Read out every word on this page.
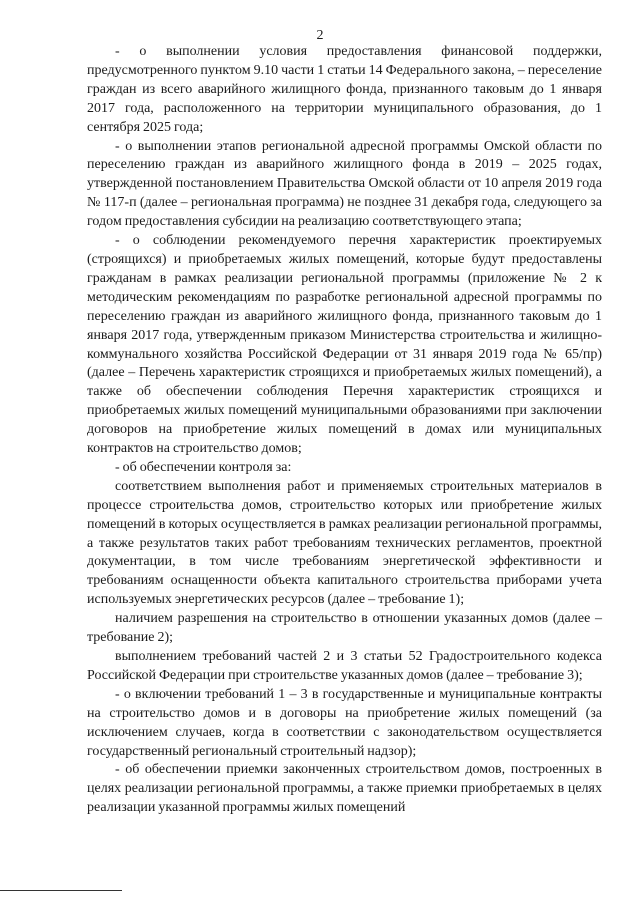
2

- о выполнении условия предоставления финансовой поддержки, предусмотренного пунктом 9.10 части 1 статьи 14 Федерального закона, – переселение граждан из всего аварийного жилищного фонда, признанного таковым до 1 января 2017 года, расположенного на территории муниципального образования, до 1 сентября 2025 года;

- о выполнении этапов региональной адресной программы Омской области по переселению граждан из аварийного жилищного фонда в 2019 – 2025 годах, утвержденной постановлением Правительства Омской области от 10 апреля 2019 года № 117-п (далее – региональная программа) не позднее 31 декабря года, следующего за годом предоставления субсидии на реализацию соответствующего этапа;

- о соблюдении рекомендуемого перечня характеристик проектируемых (строящихся) и приобретаемых жилых помещений, которые будут предоставлены гражданам в рамках реализации региональной программы (приложение № 2 к методическим рекомендациям по разработке региональной адресной программы по переселению граждан из аварийного жилищного фонда, признанного таковым до 1 января 2017 года, утвержденным приказом Министерства строительства и жилищно-коммунального хозяйства Российской Федерации от 31 января 2019 года № 65/пр) (далее – Перечень характеристик строящихся и приобретаемых жилых помещений), а также об обеспечении соблюдения Перечня характеристик строящихся и приобретаемых жилых помещений муниципальными образованиями при заключении договоров на приобретение жилых помещений в домах или муниципальных контрактов на строительство домов;

- об обеспечении контроля за:

соответствием выполнения работ и применяемых строительных материалов в процессе строительства домов, строительство которых или приобретение жилых помещений в которых осуществляется в рамках реализации региональной программы, а также результатов таких работ требованиям технических регламентов, проектной документации, в том числе требованиям энергетической эффективности и требованиям оснащенности объекта капитального строительства приборами учета используемых энергетических ресурсов (далее – требование 1);

наличием разрешения на строительство в отношении указанных домов (далее – требование 2);

выполнением требований частей 2 и 3 статьи 52 Градостроительного кодекса Российской Федерации при строительстве указанных домов (далее – требование 3);

- о включении требований 1 – 3 в государственные и муниципальные контракты на строительство домов и в договоры на приобретение жилых помещений (за исключением случаев, когда в соответствии с законодательством осуществляется государственный региональный строительный надзор);

- об обеспечении приемки законченных строительством домов, построенных в целях реализации региональной программы, а также приемки приобретаемых в целях реализации указанной программы жилых помещений
